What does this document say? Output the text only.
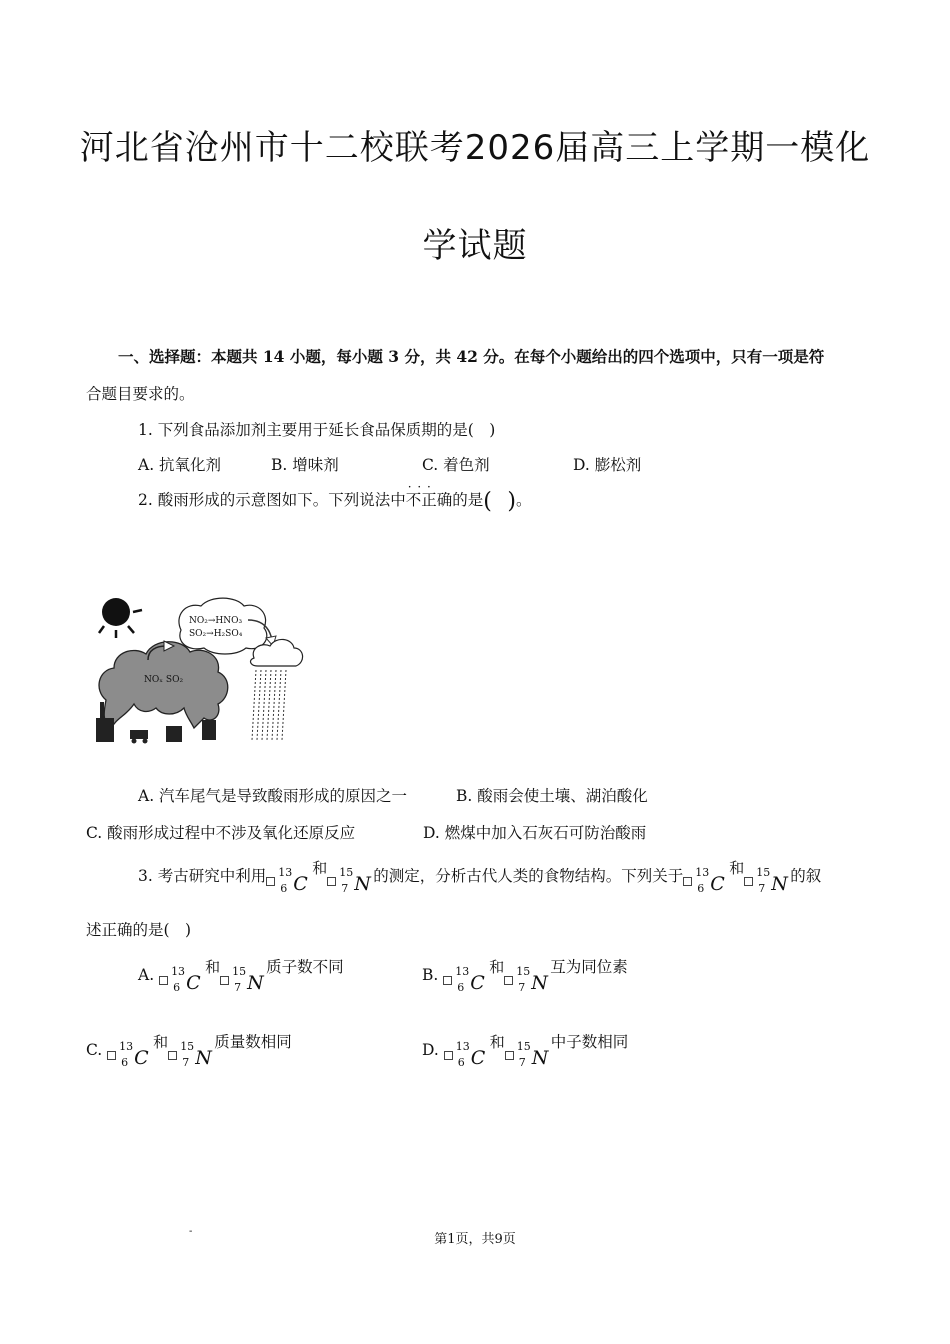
河北省沧州市十二校联考2026届高三上学期一模化
学试题
一、选择题：本题共 14 小题，每小题 3 分，共 42 分。在每个小题给出的四个选项中，只有一项是符
合题目要求的。
1. 下列食品添加剂主要用于延长食品保质期的是(　)
A. 抗氧化剂	B. 增味剂	C. 着色剂	D. 膨松剂
2. 酸雨形成的示意图如下。下列说法中· · · 不正确的是(  )。
NO₂→HNO₃
SO₂→H₂SO₄
NOₓ SO₂
A. 汽车尾气是导致酸雨形成的原因之一	B. 酸雨会使土壤、湖泊酸化
C. 酸雨形成过程中不涉及氧化还原反应	D. 燃煤中加入石灰石可防治酸雨
3. 考古研究中利用 13
6 C
和 15
7 N 的测定，分析古代人类的食物结构。下列关于 13
6 C
和 15
7 N 的叙
述正确的是(　)
A. 13
6 C
和 15
7 N
质子数不同	B. 13
6 C
和 15
7 N
互为同位素
C. 13
6 C
和 15
7 N
质量数相同	D. 13
6 C
和 15
7 N
中子数相同
-
第1页，共9页
